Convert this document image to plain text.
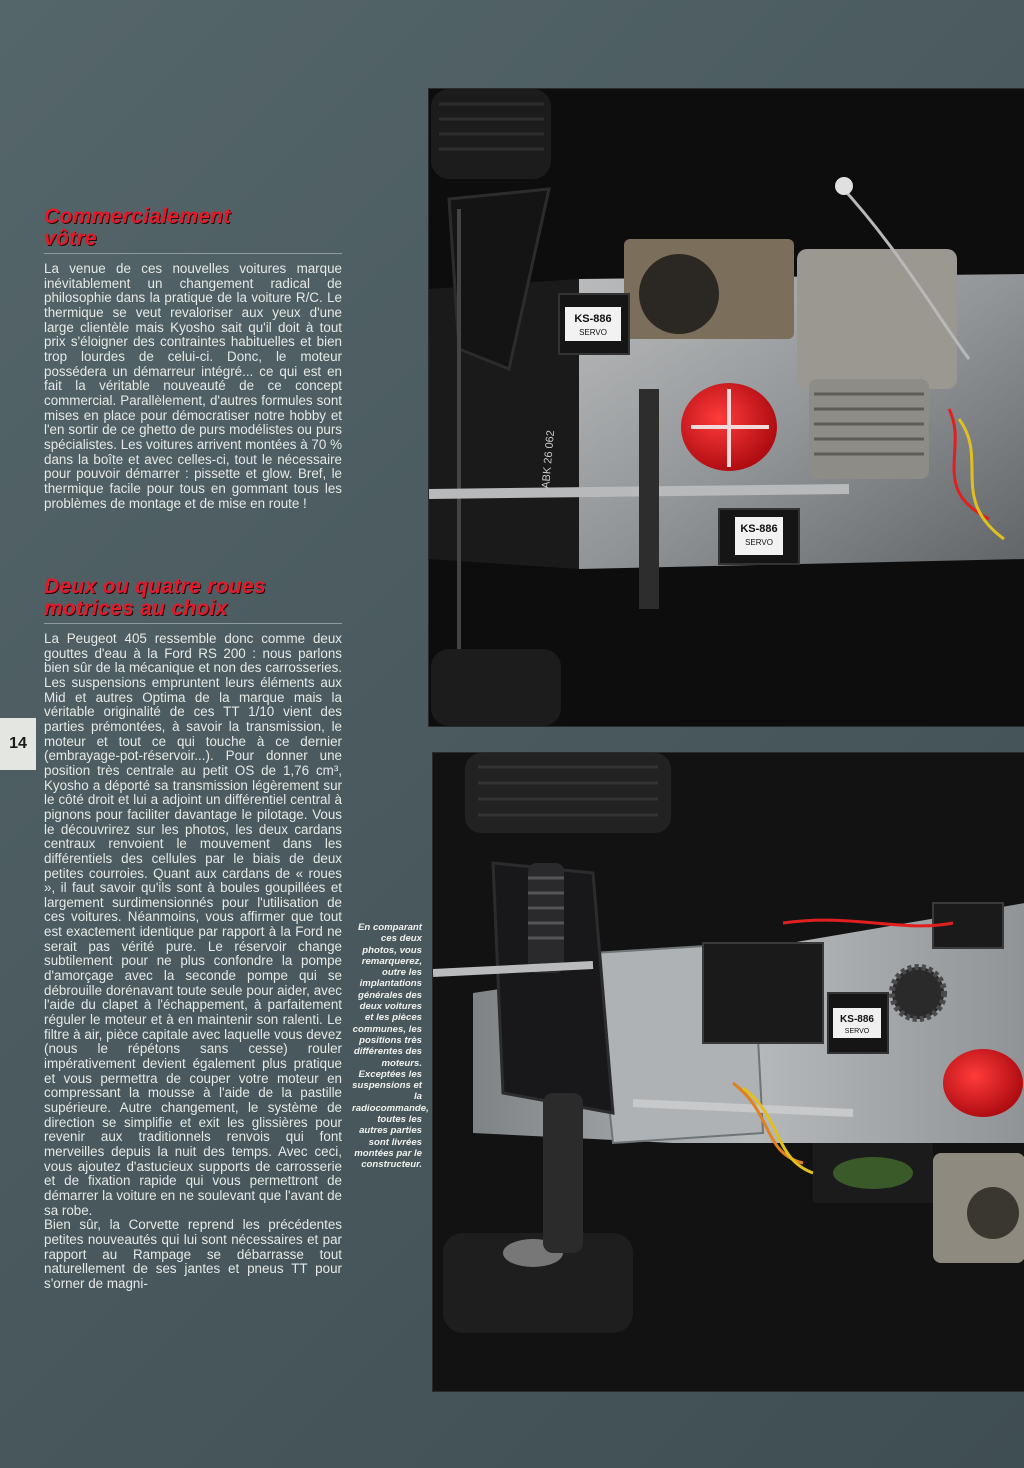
Commercialement
vôtre

La venue de ces nouvelles voitures marque inévitablement un changement radical de philosophie dans la pratique de la voiture R/C. Le thermique se veut revaloriser aux yeux d'une large clientèle mais Kyosho sait qu'il doit à tout prix s'éloigner des contraintes habituelles et bien trop lourdes de celui-ci. Donc, le moteur possédera un démarreur intégré... ce qui est en fait la véritable nouveauté de ce concept commercial. Parallèlement, d'autres formules sont mises en place pour démocratiser notre hobby et l'en sortir de ce ghetto de purs modélistes ou purs spécialistes. Les voitures arrivent montées à 70 % dans la boîte et avec celles-ci, tout le nécessaire pour pouvoir démarrer : pissette et glow. Bref, le thermique facile pour tous en gommant tous les problèmes de montage et de mise en route !

Deux ou quatre roues
motrices au choix

La Peugeot 405 ressemble donc comme deux gouttes d'eau à la Ford RS 200 : nous parlons bien sûr de la mécanique et non des carrosseries. Les suspensions empruntent leurs éléments aux Mid et autres Optima de la marque mais la véritable originalité de ces TT 1/10 vient des parties prémontées, à savoir la transmission, le moteur et tout ce qui touche à ce dernier (embrayage-pot-réservoir...). Pour donner une position très centrale au petit OS de 1,76 cm³, Kyosho a déporté sa transmission légèrement sur le côté droit et lui a adjoint un différentiel central à pignons pour faciliter davantage le pilotage. Vous le découvrirez sur les photos, les deux cardans centraux renvoient le mouvement dans les différentiels des cellules par le biais de deux petites courroies. Quant aux cardans de « roues », il faut savoir qu'ils sont à boules goupillées et largement surdimensionnés pour l'utilisation de ces voitures. Néanmoins, vous affirmer que tout est exactement identique par rapport à la Ford ne serait pas vérité pure. Le réservoir change subtilement pour ne plus confondre la pompe d'amorçage avec la seconde pompe qui se débrouille dorénavant toute seule pour aider, avec l'aide du clapet à l'échappement, à parfaitement réguler le moteur et à en maintenir son ralenti. Le filtre à air, pièce capitale avec laquelle vous devez (nous le répétons sans cesse) rouler impérativement devient également plus pratique et vous permettra de couper votre moteur en compressant la mousse à l'aide de la pastille supérieure. Autre changement, le système de direction se simplifie et exit les glissières pour revenir aux traditionnels renvois qui font merveilles depuis la nuit des temps. Avec ceci, vous ajoutez d'astucieux supports de carrosserie et de fixation rapide qui vous permettront de démarrer la voiture en ne soulevant que l'avant de sa robe.

Bien sûr, la Corvette reprend les précédentes petites nouveautés qui lui sont nécessaires et par rapport au Rampage se débarrasse tout naturellement de ses jantes et pneus TT pour s'orner de magni-

14
En comparant ces deux photos, vous remarquerez, outre les implantations générales des deux voitures et les pièces communes, les positions très différentes des moteurs. Exceptées les suspensions et la radiocommande, toutes les autres parties sont livrées montées par le constructeur.
KS-886
SERVO
KS-886
SERVO
ABK 26 062
KS-886
SERVO
